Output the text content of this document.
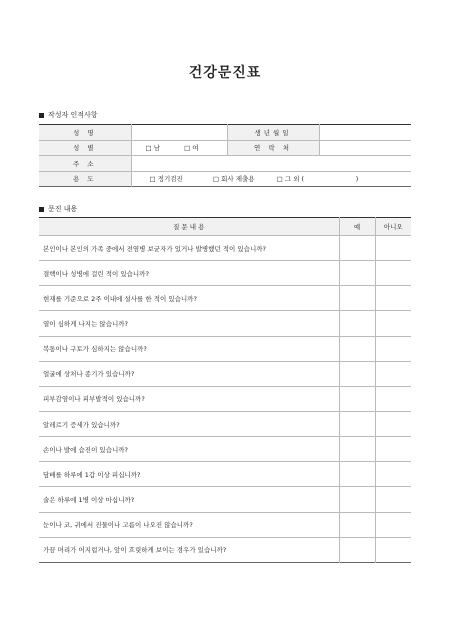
건강문진표
작성자 인적사항
성 명		생년월일	
성 별	□ 남 □ 여	연 락 처	
주 소			
용 도	□ 정기검진 □ 회사 제출용 □ 그 외 (                         )		
문진 내용
질 문 내 용	예	아니오
본인이나 본인의 가족 중에서 전염병 보균자가 있거나 발병했던 적이 있습니까?		
결핵이나 성병에 걸린 적이 있습니까?		
현재를 기준으로 2주 이내에 설사를 한 적이 있습니까?		
열이 심하게 나지는 않습니까?		
복통이나 구토가 심하지는 않습니까?		
얼굴에 상처나 종기가 있습니까?		
피부감염이나 피부발적이 있습니까?		
알레르기 증세가 있습니까?		
손이나 발에 습진이 있습니까?		
담배를 하루에 1갑 이상 피십니까?		
술은 하루에 1병 이상 마십니까?		
눈이나 코, 귀에서 진물이나 고름이 나오진 않습니까?		
가끔 머리가 어지럽거나, 앞이 흐릿하게 보이는 경우가 있습니까?		
